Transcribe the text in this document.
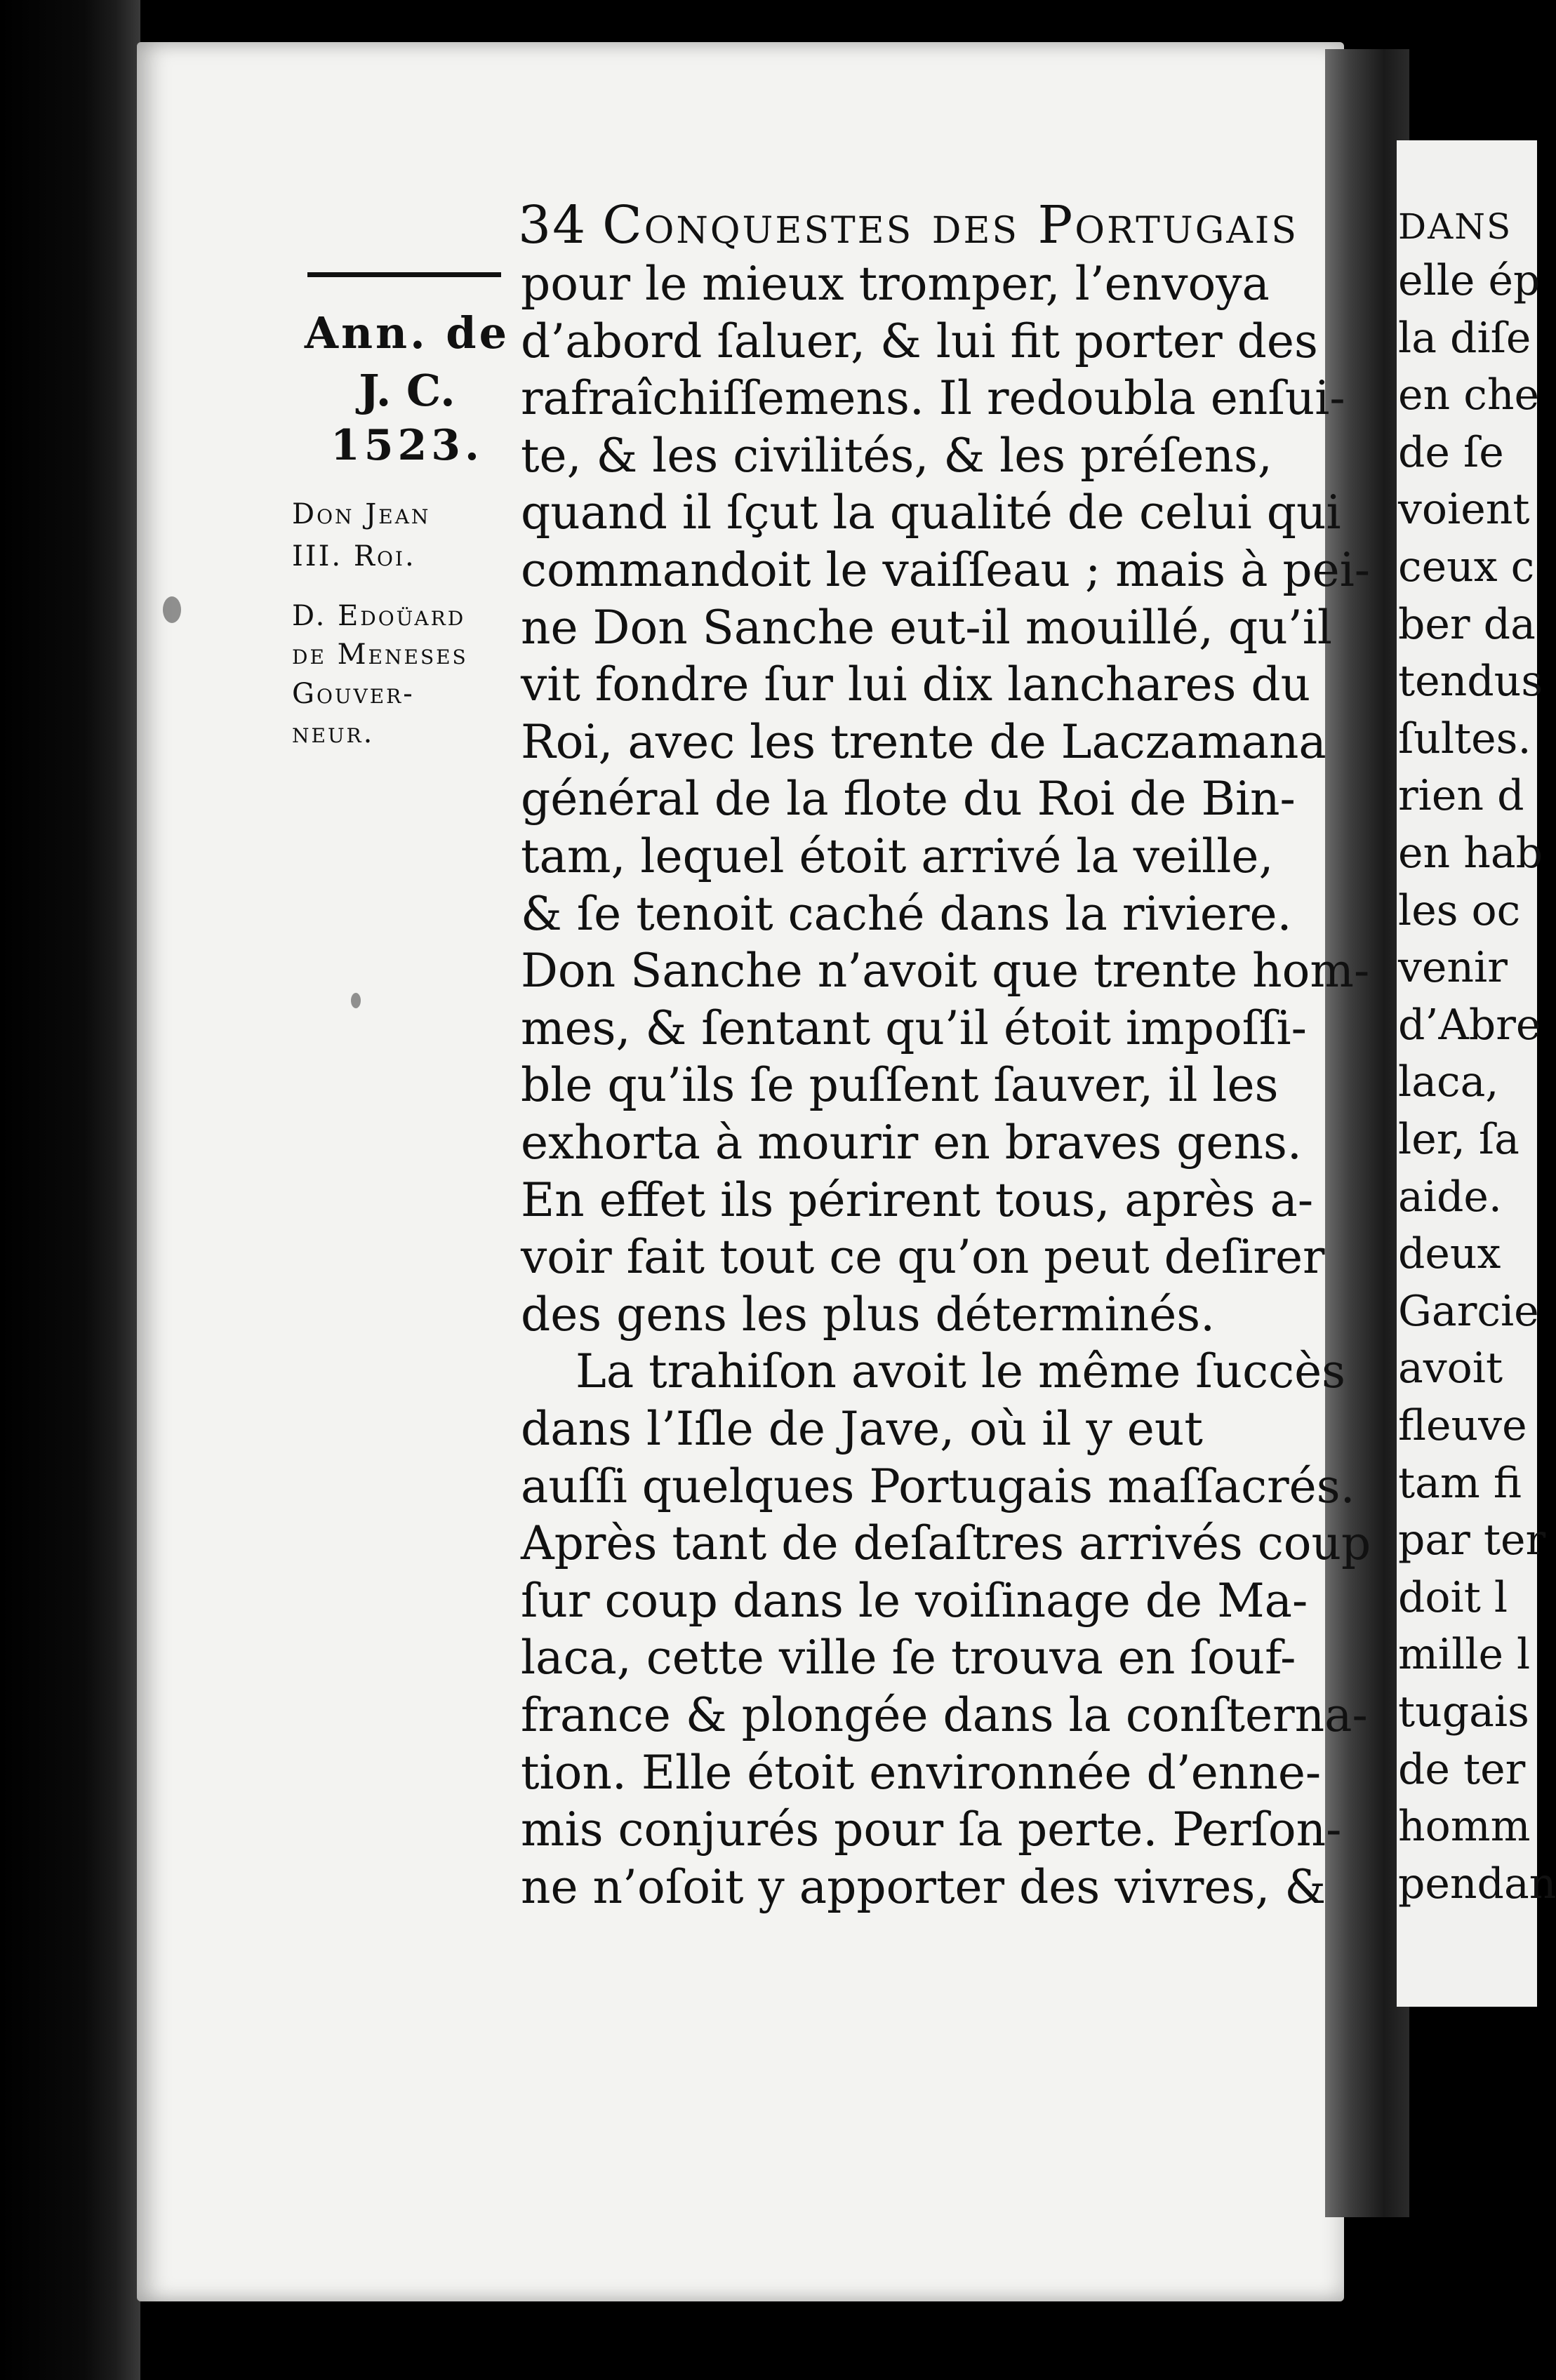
DANS
elle ép
la diſe
en che
de ſe
voient
ceux c
ber da
tendus
ſultes.
rien d
en hab
les oc
venir
d’Abre
laca,
ler, ſa
aide.
deux
Garcie
avoit
fleuve
tam fi
par ter
doit l
mille l
tugais
de ter
homm
pendan
34 Conquestes des Portugais
Ann. de
J. C.
1523.
Don Jean
III. Roi.
D. Edoüard
de Meneses
Gouver-
neur.
pour le mieux tromper, l’envoya
d’abord ſaluer, & lui fit porter des
rafraîchiſſemens. Il redoubla enſui-
te, & les civilités, & les préſens,
quand il ſçut la qualité de celui qui
commandoit le vaiſſeau ; mais à pei-
ne Don Sanche eut-il mouillé, qu’il
vit fondre ſur lui dix lanchares du
Roi, avec les trente de Laczamana
général de la flote du Roi de Bin-
tam, lequel étoit arrivé la veille,
& ſe tenoit caché dans la riviere.
Don Sanche n’avoit que trente hom-
mes, & ſentant qu’il étoit impoſſi-
ble qu’ils ſe puſſent ſauver, il les
exhorta à mourir en braves gens.
En effet ils périrent tous, après a-
voir fait tout ce qu’on peut deſirer
des gens les plus déterminés.
La trahiſon avoit le même ſuccès
dans l’Iſle de Jave, où il y eut
auſſi quelques Portugais maſſacrés.
Après tant de deſaſtres arrivés coup
ſur coup dans le voiſinage de Ma-
laca, cette ville ſe trouva en ſouf-
france & plongée dans la conſterna-
tion. Elle étoit environnée d’enne-
mis conjurés pour ſa perte. Perſon-
ne n’oſoit y apporter des vivres, &
